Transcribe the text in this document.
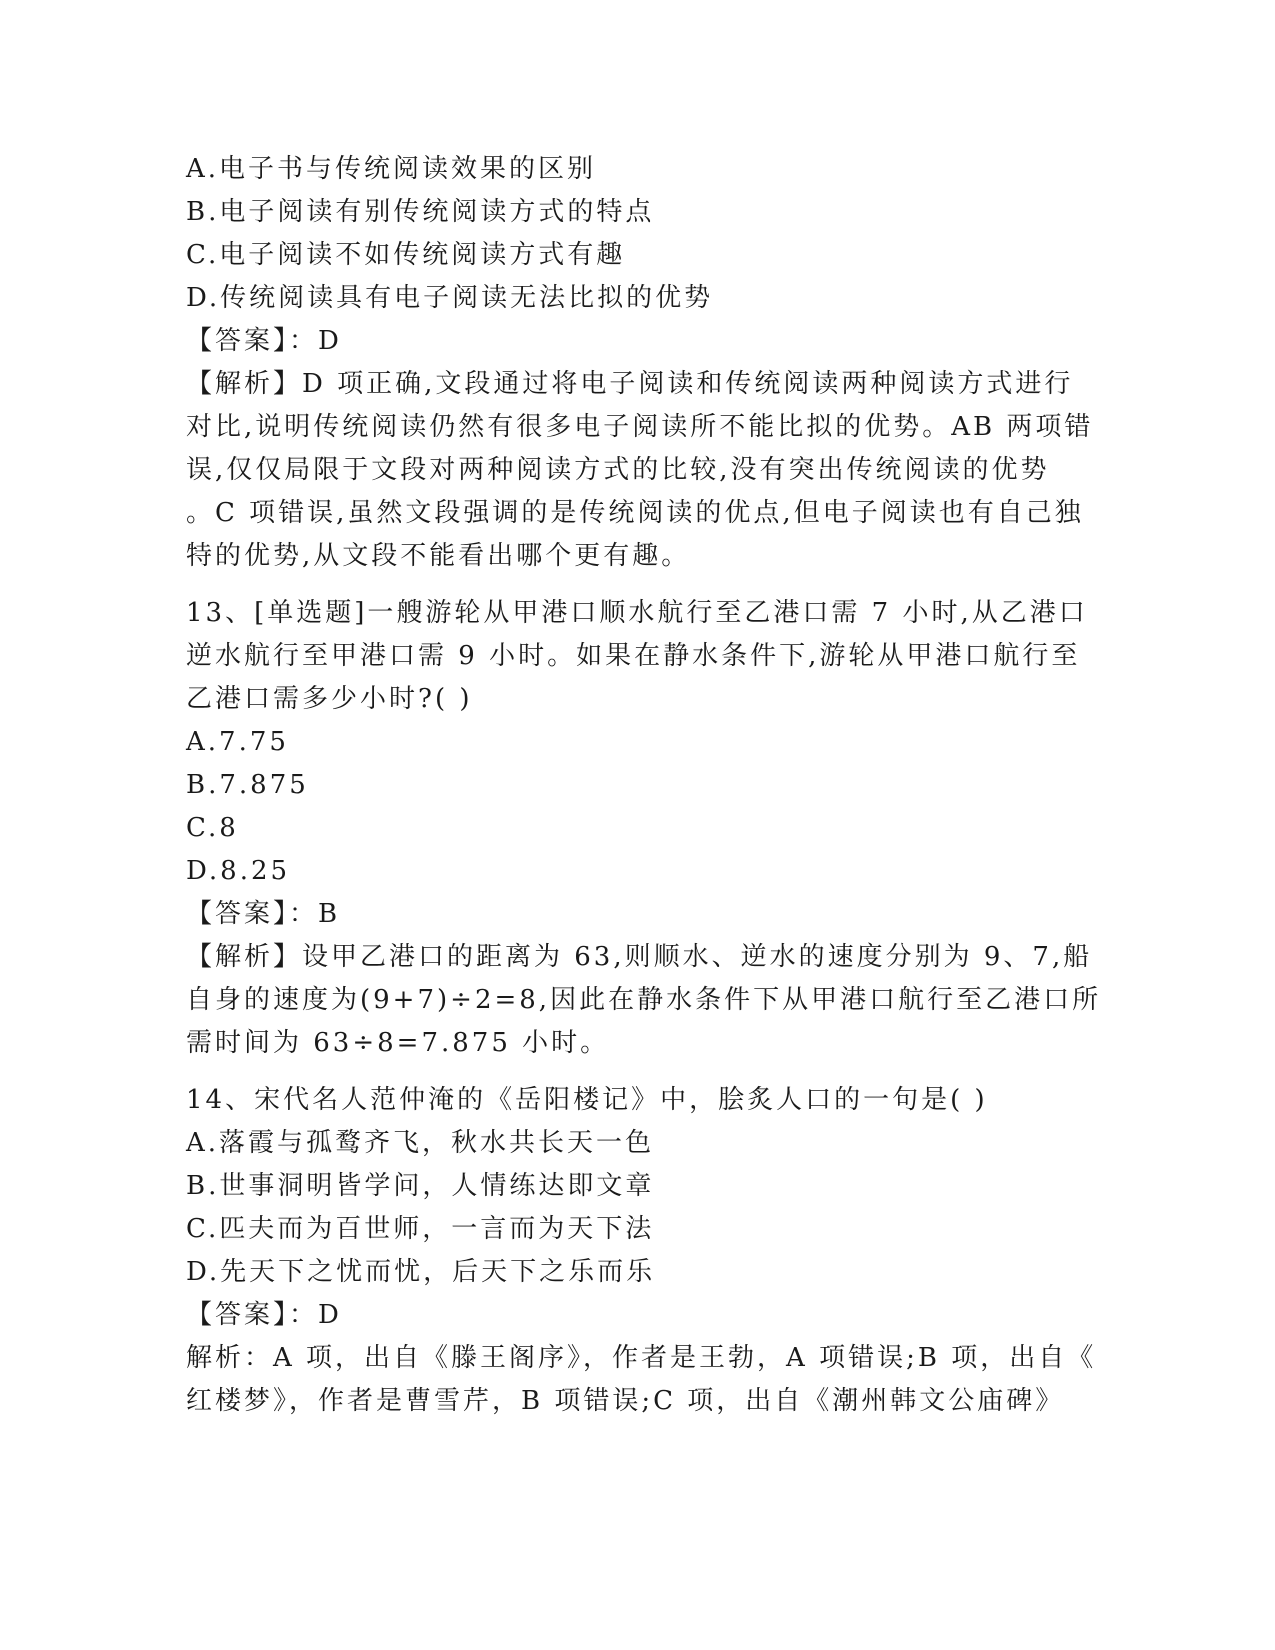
A.电子书与传统阅读效果的区别
B.电子阅读有别传统阅读方式的特点
C.电子阅读不如传统阅读方式有趣
D.传统阅读具有电子阅读无法比拟的优势
【答案】：D
【解析】D 项正确,文段通过将电子阅读和传统阅读两种阅读方式进行
对比,说明传统阅读仍然有很多电子阅读所不能比拟的优势。AB 两项错
误,仅仅局限于文段对两种阅读方式的比较,没有突出传统阅读的优势
。C 项错误,虽然文段强调的是传统阅读的优点,但电子阅读也有自己独
特的优势,从文段不能看出哪个更有趣。
13、[单选题]一艘游轮从甲港口顺水航行至乙港口需 7 小时,从乙港口
逆水航行至甲港口需 9 小时。如果在静水条件下,游轮从甲港口航行至
乙港口需多少小时?( )
A.7.75
B.7.875
C.8
D.8.25
【答案】：B
【解析】设甲乙港口的距离为 63,则顺水、逆水的速度分别为 9、7,船
自身的速度为(9+7)÷2=8,因此在静水条件下从甲港口航行至乙港口所
需时间为 63÷8=7.875 小时。
14、宋代名人范仲淹的《岳阳楼记》中，脍炙人口的一句是( )
A.落霞与孤鹜齐飞，秋水共长天一色
B.世事洞明皆学问，人情练达即文章
C.匹夫而为百世师，一言而为天下法
D.先天下之忧而忧，后天下之乐而乐
【答案】：D
解析：A 项，出自《滕王阁序》，作者是王勃，A 项错误;B 项，出自《
红楼梦》，作者是曹雪芹，B 项错误;C 项，出自《潮州韩文公庙碑》
